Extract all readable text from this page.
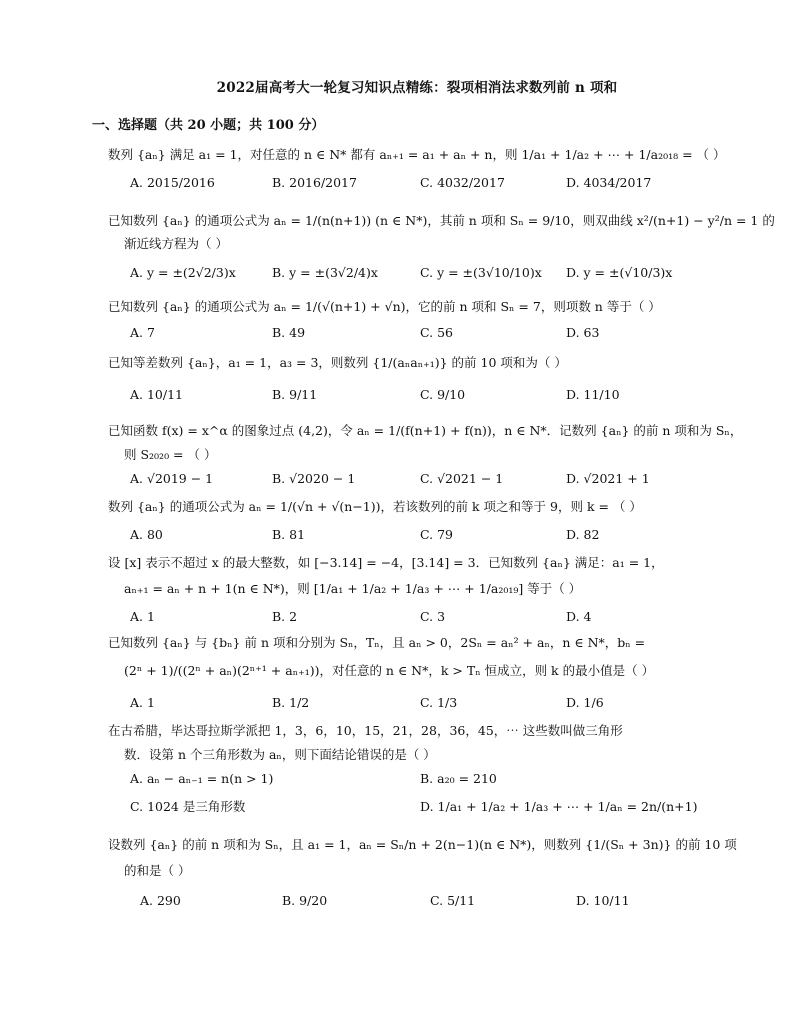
2022届高考大一轮复习知识点精练：裂项相消法求数列前 n 项和
一、选择题（共 20 小题；共 100 分）
数列 {aₙ} 满足 a₁ = 1，对任意的 n ∈ N* 都有 aₙ₊₁ = a₁ + aₙ + n，则 1/a₁ + 1/a₂ + ⋯ + 1/a₂₀₁₈ = （ ）
A. 2015/2016	B. 2016/2017	C. 4032/2017	D. 4034/2017
已知数列 {aₙ} 的通项公式为 aₙ = 1/(n(n+1)) (n ∈ N*)，其前 n 项和 Sₙ = 9/10，则双曲线 x²/(n+1) − y²/n = 1 的
渐近线方程为（ ）
A. y = ±(2√2/3)x	B. y = ±(3√2/4)x	C. y = ±(3√10/10)x D. y = ±(√10/3)x
已知数列 {aₙ} 的通项公式为 aₙ = 1/(√(n+1) + √n)，它的前 n 项和 Sₙ = 7，则项数 n 等于（ ）
A. 7	B. 49	C. 56	D. 63
已知等差数列 {aₙ}，a₁ = 1，a₃ = 3，则数列 {1/(aₙaₙ₊₁)} 的前 10 项和为（ ）
A. 10/11	B. 9/11	C. 9/10	D. 11/10
已知函数 f(x) = x^α 的图象过点 (4,2)，令 aₙ = 1/(f(n+1) + f(n))，n ∈ N*．记数列 {aₙ} 的前 n 项和为 Sₙ，
则 S₂₀₂₀ = （ ）
A. √2019 − 1	B. √2020 − 1	C. √2021 − 1	D. √2021 + 1
数列 {aₙ} 的通项公式为 aₙ = 1/(√n + √(n−1))，若该数列的前 k 项之和等于 9，则 k = （ ）
A. 80	B. 81	C. 79	D. 82
设 [x] 表示不超过 x 的最大整数，如 [−3.14] = −4，[3.14] = 3．已知数列 {aₙ} 满足：a₁ = 1，
aₙ₊₁ = aₙ + n + 1(n ∈ N*)，则 [1/a₁ + 1/a₂ + 1/a₃ + ⋯ + 1/a₂₀₁₉] 等于（ ）
A. 1	B. 2	C. 3	D. 4
已知数列 {aₙ} 与 {bₙ} 前 n 项和分别为 Sₙ，Tₙ，且 aₙ > 0，2Sₙ = aₙ² + aₙ，n ∈ N*，bₙ =
(2ⁿ + 1)/((2ⁿ + aₙ)(2ⁿ⁺¹ + aₙ₊₁))，对任意的 n ∈ N*，k > Tₙ 恒成立，则 k 的最小值是（ ）
A. 1	B. 1/2	C. 1/3	D. 1/6
在古希腊，毕达哥拉斯学派把 1，3，6，10，15，21，28，36，45，⋯ 这些数叫做三角形
数．设第 n 个三角形数为 aₙ，则下面结论错误的是（ ）
A. aₙ − aₙ₋₁ = n(n > 1)	B. a₂₀ = 210
C. 1024 是三角形数	D. 1/a₁ + 1/a₂ + 1/a₃ + ⋯ + 1/aₙ = 2n/(n+1)
设数列 {aₙ} 的前 n 项和为 Sₙ，且 a₁ = 1，aₙ = Sₙ/n + 2(n−1)(n ∈ N*)，则数列 {1/(Sₙ + 3n)} 的前 10 项
的和是（ ）
A. 290	B. 9/20	C. 5/11	D. 10/11
